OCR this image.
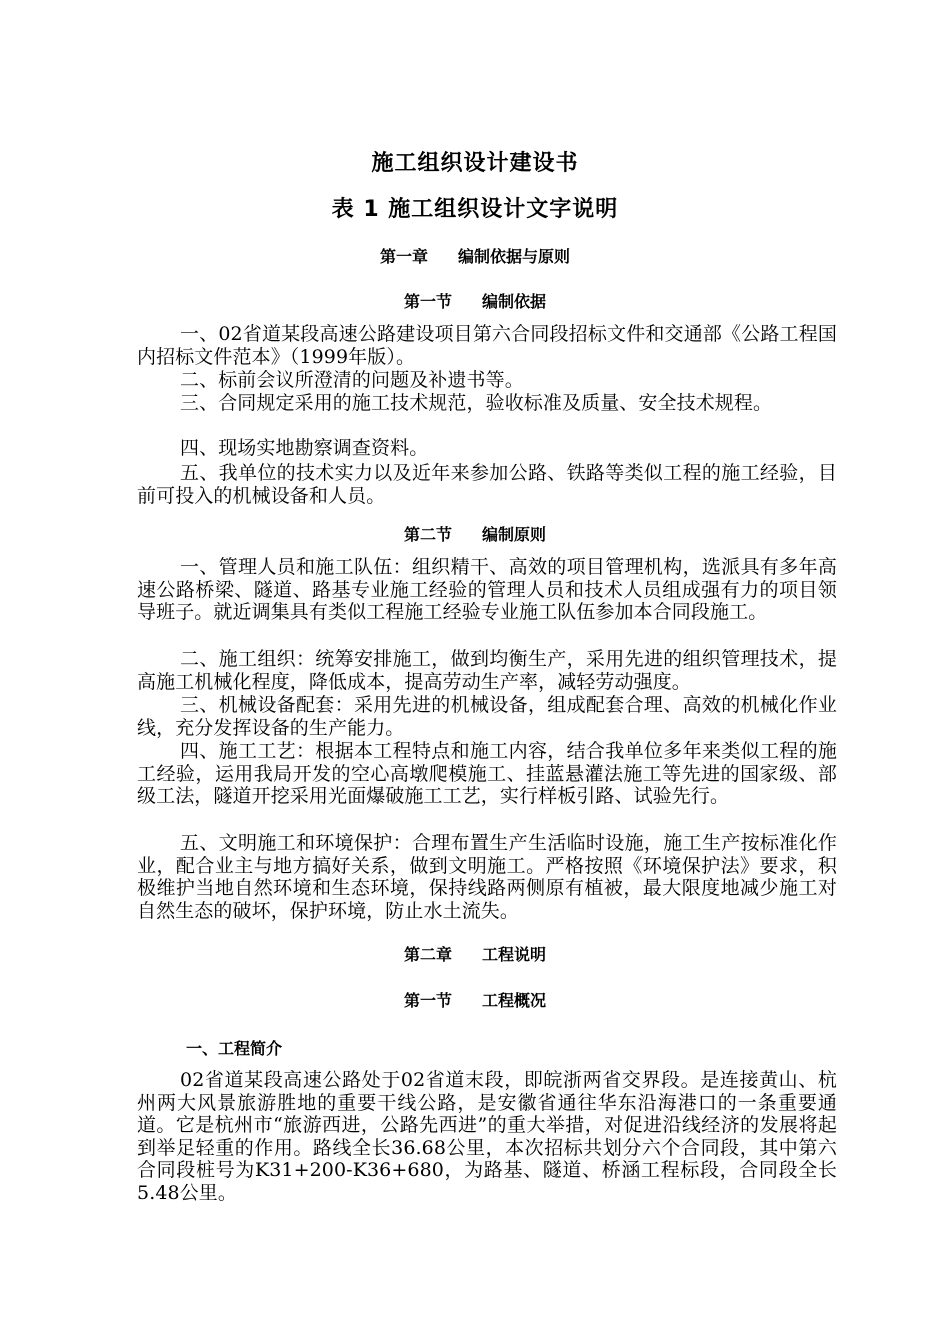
施工组织设计建设书
表 1 施工组织设计文字说明
第一章 编制依据与原则
第一节 编制依据

一、02省道某段高速公路建设项目第六合同段招标文件和交通部《公路工程国内招标文件范本》（1999年版）。

二、标前会议所澄清的问题及补遗书等。

三、合同规定采用的施工技术规范，验收标准及质量、安全技术规程。

四、现场实地勘察调查资料。

五、我单位的技术实力以及近年来参加公路、铁路等类似工程的施工经验，目前可投入的机械设备和人员。

第二节 编制原则

一、管理人员和施工队伍：组织精干、高效的项目管理机构，选派具有多年高速公路桥梁、隧道、路基专业施工经验的管理人员和技术人员组成强有力的项目领导班子。就近调集具有类似工程施工经验专业施工队伍参加本合同段施工。

二、施工组织：统筹安排施工，做到均衡生产，采用先进的组织管理技术，提高施工机械化程度，降低成本，提高劳动生产率，减轻劳动强度。

三、机械设备配套：采用先进的机械设备，组成配套合理、高效的机械化作业线，充分发挥设备的生产能力。

四、施工工艺：根据本工程特点和施工内容，结合我单位多年来类似工程的施工经验，运用我局开发的空心高墩爬模施工、挂蓝悬灌法施工等先进的国家级、部级工法，隧道开挖采用光面爆破施工工艺，实行样板引路、试验先行。

五、文明施工和环境保护：合理布置生产生活临时设施，施工生产按标准化作业，配合业主与地方搞好关系，做到文明施工。严格按照《环境保护法》要求，积极维护当地自然环境和生态环境，保持线路两侧原有植被，最大限度地减少施工对自然生态的破坏，保护环境，防止水土流失。

第二章 工程说明
第一节 工程概况
一、工程简介

02省道某段高速公路处于02省道末段，即皖浙两省交界段。是连接黄山、杭州两大风景旅游胜地的重要干线公路，是安徽省通往华东沿海港口的一条重要通道。它是杭州市“旅游西进，公路先西进”的重大举措，对促进沿线经济的发展将起到举足轻重的作用。路线全长36.68公里，本次招标共划分六个合同段，其中第六合同段桩号为K31+200-K36+680，为路基、隧道、桥涵工程标段，合同段全长5.48公里。
